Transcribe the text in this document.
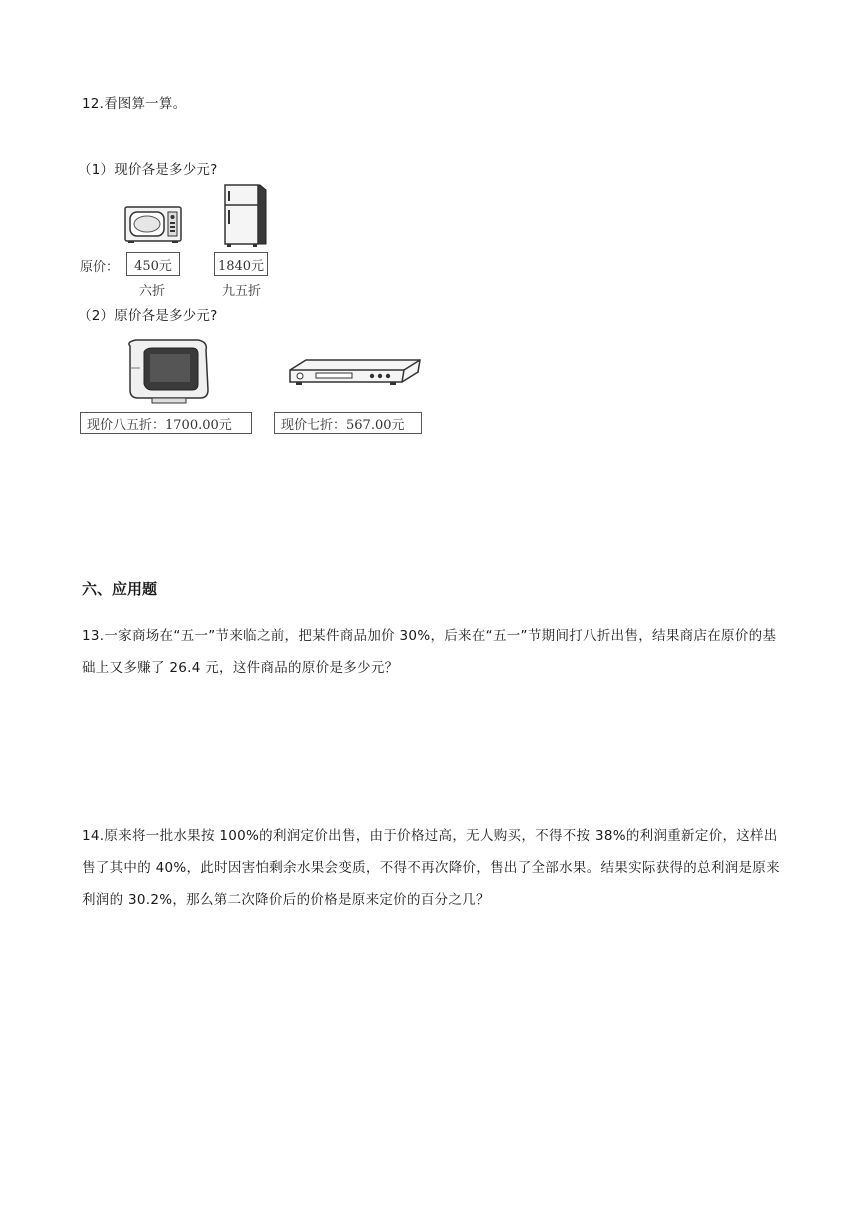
12.看图算一算。
（1）现价各是多少元?
原价：	450元	1840元
六折	九五折
（2）原价各是多少元?
现价八五折：1700.00元	现价七折：567.00元
六、应用题
13.一家商场在“五一”节来临之前，把某件商品加价 30%，后来在“五一”节期间打八折出售，结果商店在原价的基础上又多赚了 26.4 元，这件商品的原价是多少元？
14.原来将一批水果按 100%的利润定价出售，由于价格过高，无人购买，不得不按 38%的利润重新定价，这样出售了其中的 40%，此时因害怕剩余水果会变质，不得不再次降价，售出了全部水果。结果实际获得的总利润是原来利润的 30.2%，那么第二次降价后的价格是原来定价的百分之几？
